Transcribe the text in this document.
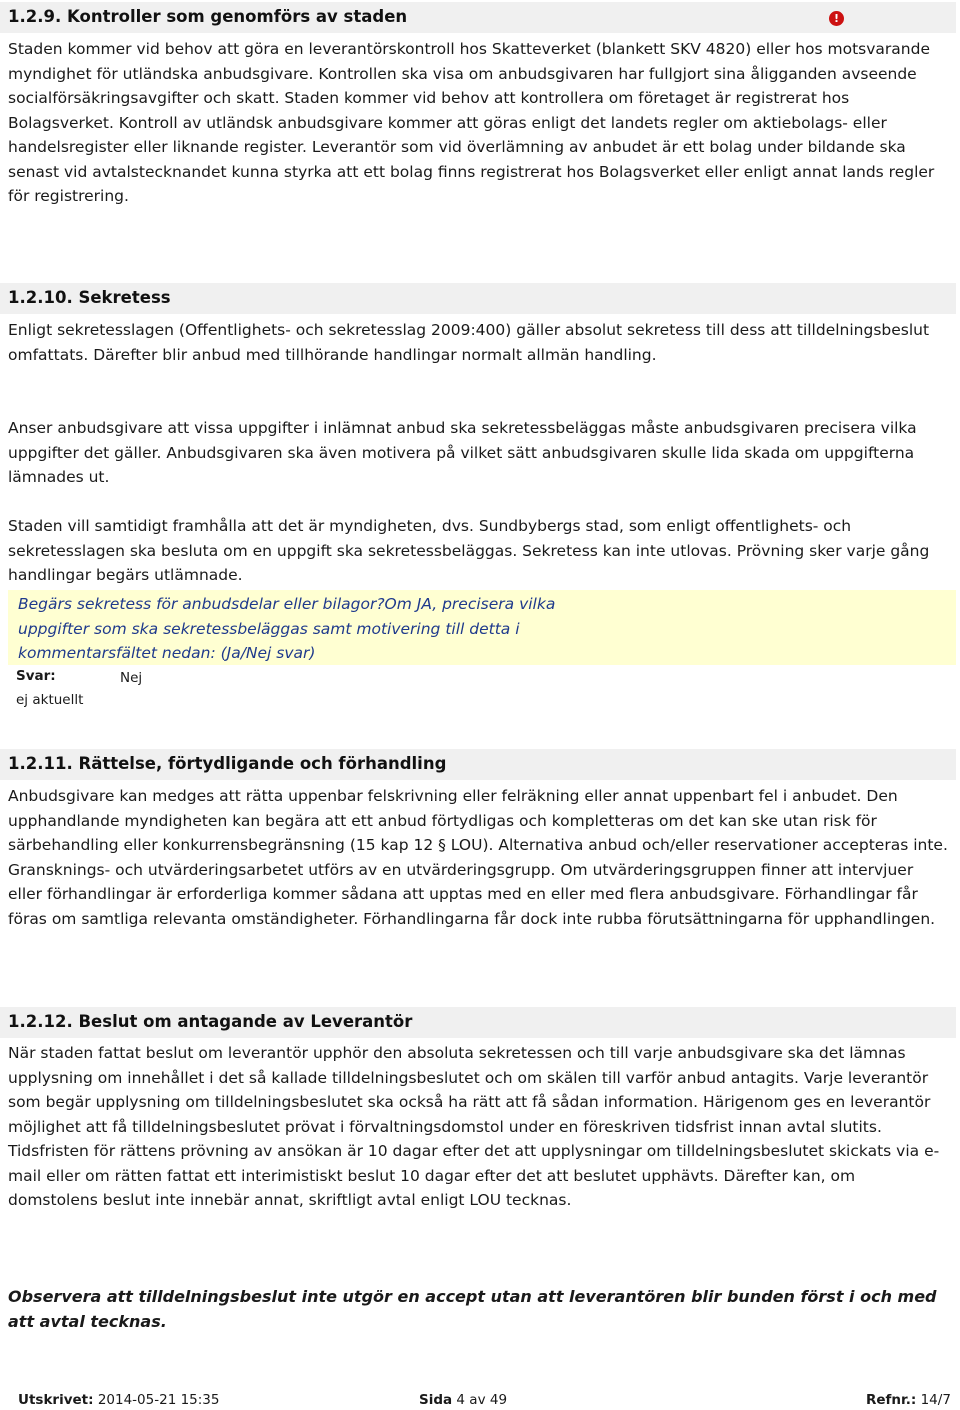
1.2.9. Kontroller som genomförs av staden	!

Staden kommer vid behov att göra en leverantörskontroll hos Skatteverket (blankett SKV 4820) eller hos motsvarande myndighet för utländska anbudsgivare. Kontrollen ska visa om anbudsgivaren har fullgjort sina åligganden avseende socialförsäkringsavgifter och skatt. Staden kommer vid behov att kontrollera om företaget är registrerat hos Bolagsverket. Kontroll av utländsk anbudsgivare kommer att göras enligt det landets regler om aktiebolags- eller handelsregister eller liknande register. Leverantör som vid överlämning av anbudet är ett bolag under bildande ska senast vid avtalstecknandet kunna styrka att ett bolag finns registrerat hos Bolagsverket eller enligt annat lands regler för registrering.

1.2.10. Sekretess

Enligt sekretesslagen (Offentlighets- och sekretesslag 2009:400) gäller absolut sekretess till dess att tilldelningsbeslut omfattats. Därefter blir anbud med tillhörande handlingar normalt allmän handling.

Anser anbudsgivare att vissa uppgifter i inlämnat anbud ska sekretessbeläggas måste anbudsgivaren precisera vilka uppgifter det gäller. Anbudsgivaren ska även motivera på vilket sätt anbudsgivaren skulle lida skada om uppgifterna lämnades ut.

Staden vill samtidigt framhålla att det är myndigheten, dvs. Sundbybergs stad, som enligt offentlighets- och sekretesslagen ska besluta om en uppgift ska sekretessbeläggas. Sekretess kan inte utlovas. Prövning sker varje gång handlingar begärs utlämnade.

Begärs sekretess för anbudsdelar eller bilagor?Om JA, precisera vilka uppgifter som ska sekretessbeläggas samt motivering till detta i kommentarsfältet nedan: (Ja/Nej svar)

Svar:	Nej
ej aktuellt
1.2.11. Rättelse, förtydligande och förhandling

Anbudsgivare kan medges att rätta uppenbar felskrivning eller felräkning eller annat uppenbart fel i anbudet. Den upphandlande myndigheten kan begära att ett anbud förtydligas och kompletteras om det kan ske utan risk för särbehandling eller konkurrensbegränsning (15 kap 12 § LOU). Alternativa anbud och/eller reservationer accepteras inte. Gransknings- och utvärderingsarbetet utförs av en utvärderingsgrupp. Om utvärderingsgruppen finner att intervjuer eller förhandlingar är erforderliga kommer sådana att upptas med en eller med flera anbudsgivare. Förhandlingar får föras om samtliga relevanta omständigheter. Förhandlingarna får dock inte rubba förutsättningarna för upphandlingen.

1.2.12. Beslut om antagande av Leverantör

När staden fattat beslut om leverantör upphör den absoluta sekretessen och till varje anbudsgivare ska det lämnas upplysning om innehållet i det så kallade tilldelningsbeslutet och om skälen till varför anbud antagits. Varje leverantör som begär upplysning om tilldelningsbeslutet ska också ha rätt att få sådan information. Härigenom ges en leverantör möjlighet att få tilldelningsbeslutet prövat i förvaltningsdomstol under en föreskriven tidsfrist innan avtal slutits. Tidsfristen för rättens prövning av ansökan är 10 dagar efter det att upplysningar om tilldelningsbeslutet skickats via e- mail eller om rätten fattat ett interimistiskt beslut 10 dagar efter det att beslutet upphävts. Därefter kan, om domstolens beslut inte innebär annat, skriftligt avtal enligt LOU tecknas.

Observera att tilldelningsbeslut inte utgör en accept utan att leverantören blir bunden först i och med att avtal tecknas.

Utskrivet: 2014-05-21 15:35	Sida 4 av 49	Refnr.: 14/7
